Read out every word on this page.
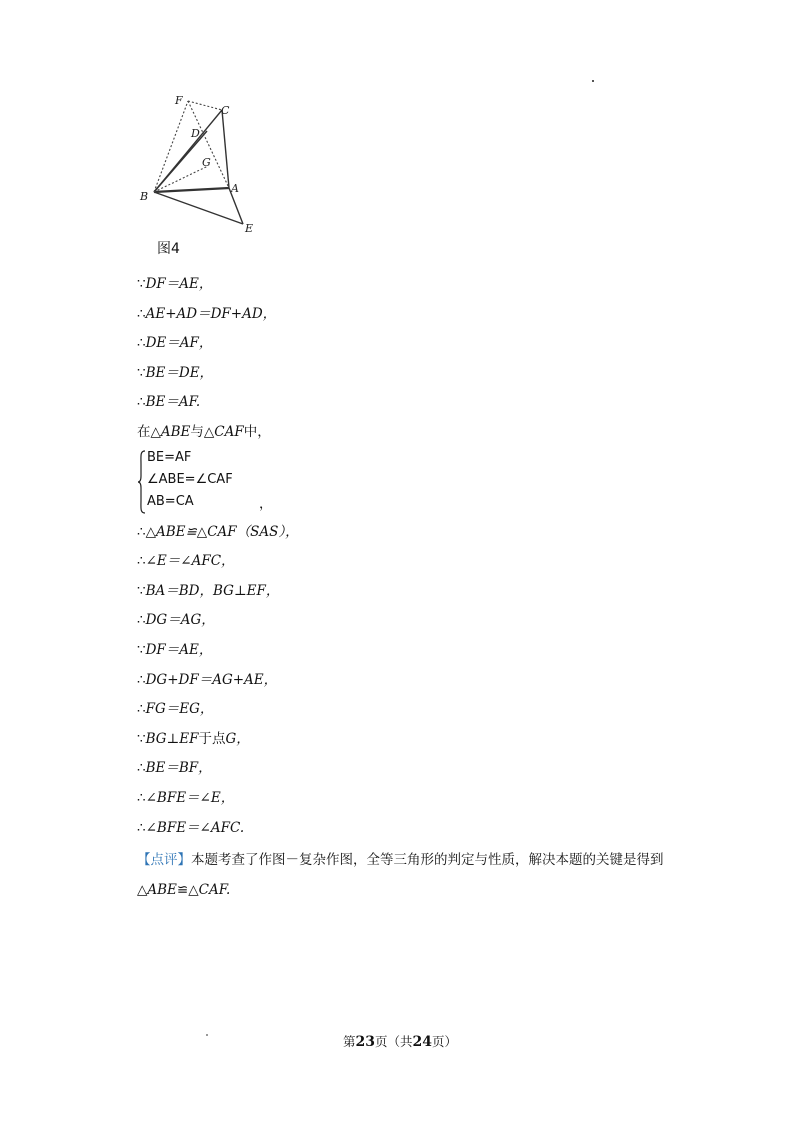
F
C
D
G
B
A
E
图4
∵DF＝AE，
∴AE+AD＝DF+AD，
∴DE＝AF，
∵BE＝DE，
∴BE＝AF.
在△ABE与△CAF中，
BE=AF
∠ABE=∠CAF
AB=CA	，
∴△ABE≌△CAF（SAS），
∴∠E＝∠AFC，
∵BA＝BD，BG⊥EF，
∴DG＝AG，
∵DF＝AE，
∴DG+DF＝AG+AE，
∴FG＝EG，
∵BG⊥EF于点G，
∴BE＝BF，
∴∠BFE＝∠E，
∴∠BFE＝∠AFC.
【点评】本题考查了作图－复杂作图，全等三角形的判定与性质，解决本题的关键是得到△ABE≌△CAF.
第23页（共24页）
